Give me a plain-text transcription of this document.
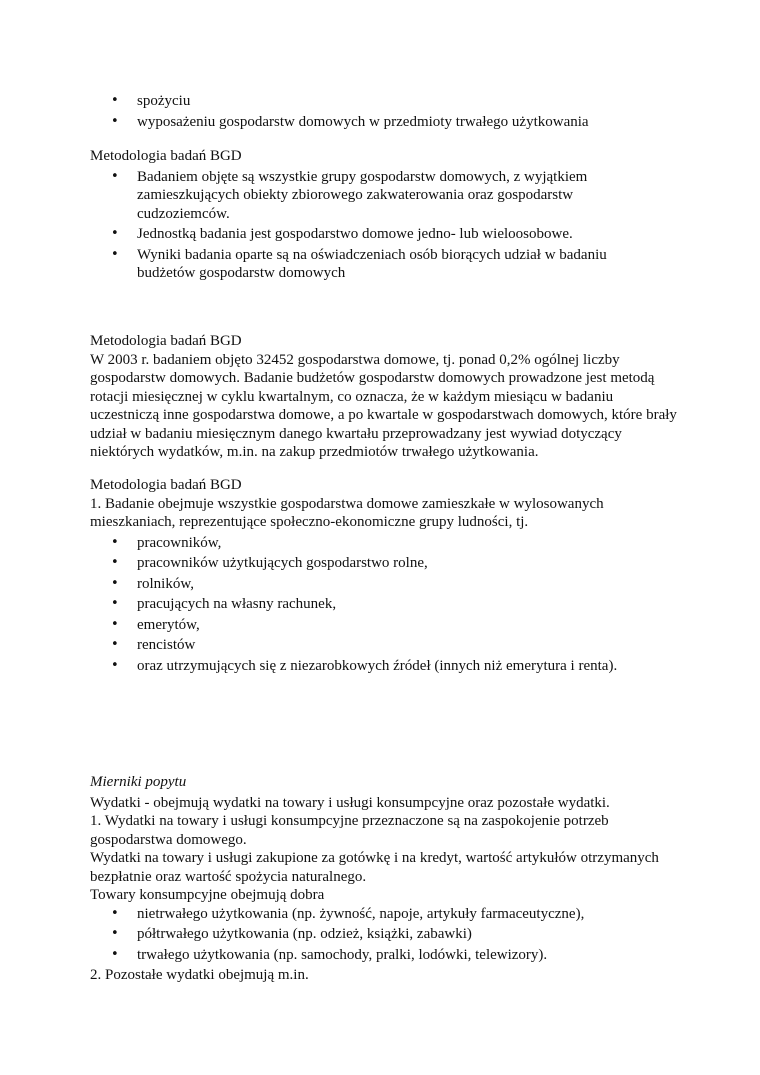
• spożyciu
• wyposażeniu gospodarstw domowych w przedmioty trwałego użytkowania

Metodologia badań BGD

• Badaniem objęte są wszystkie grupy gospodarstw domowych, z wyjątkiem zamieszkujących obiekty zbiorowego zakwaterowania oraz gospodarstw cudzoziemców.
• Jednostką badania jest gospodarstwo domowe jedno- lub wieloosobowe.
• Wyniki badania oparte są na oświadczeniach osób biorących udział w badaniu budżetów gospodarstw domowych

Metodologia badań BGD

W 2003 r. badaniem objęto 32452 gospodarstwa domowe, tj. ponad 0,2% ogólnej liczby gospodarstw domowych. Badanie budżetów gospodarstw domowych prowadzone jest metodą rotacji miesięcznej w cyklu kwartalnym, co oznacza, że w każdym miesiącu w badaniu uczestniczą inne gospodarstwa domowe, a po kwartale w gospodarstwach domowych, które brały udział w badaniu miesięcznym danego kwartału przeprowadzany jest wywiad dotyczący niektórych wydatków, m.in. na zakup przedmiotów trwałego użytkowania.

Metodologia badań BGD

1. Badanie obejmuje wszystkie gospodarstwa domowe zamieszkałe w wylosowanych mieszkaniach, reprezentujące społeczno-ekonomiczne grupy ludności, tj.

• pracowników,
• pracowników użytkujących gospodarstwo rolne,
• rolników,
• pracujących na własny rachunek,
• emerytów,
• rencistów
• oraz utrzymujących się z niezarobkowych źródeł (innych niż emerytura i renta).

Mierniki popytu

Wydatki - obejmują wydatki na towary i usługi konsumpcyjne oraz pozostałe wydatki.

1. Wydatki na towary i usługi konsumpcyjne przeznaczone są na zaspokojenie potrzeb gospodarstwa domowego.

Wydatki na towary i usługi zakupione za gotówkę i na kredyt, wartość artykułów otrzymanych bezpłatnie oraz wartość spożycia naturalnego.

Towary konsumpcyjne obejmują dobra

• nietrwałego użytkowania (np. żywność, napoje, artykuły farmaceutyczne),
• półtrwałego użytkowania (np. odzież, książki, zabawki)
• trwałego użytkowania (np. samochody, pralki, lodówki, telewizory).

2. Pozostałe wydatki obejmują m.in.
